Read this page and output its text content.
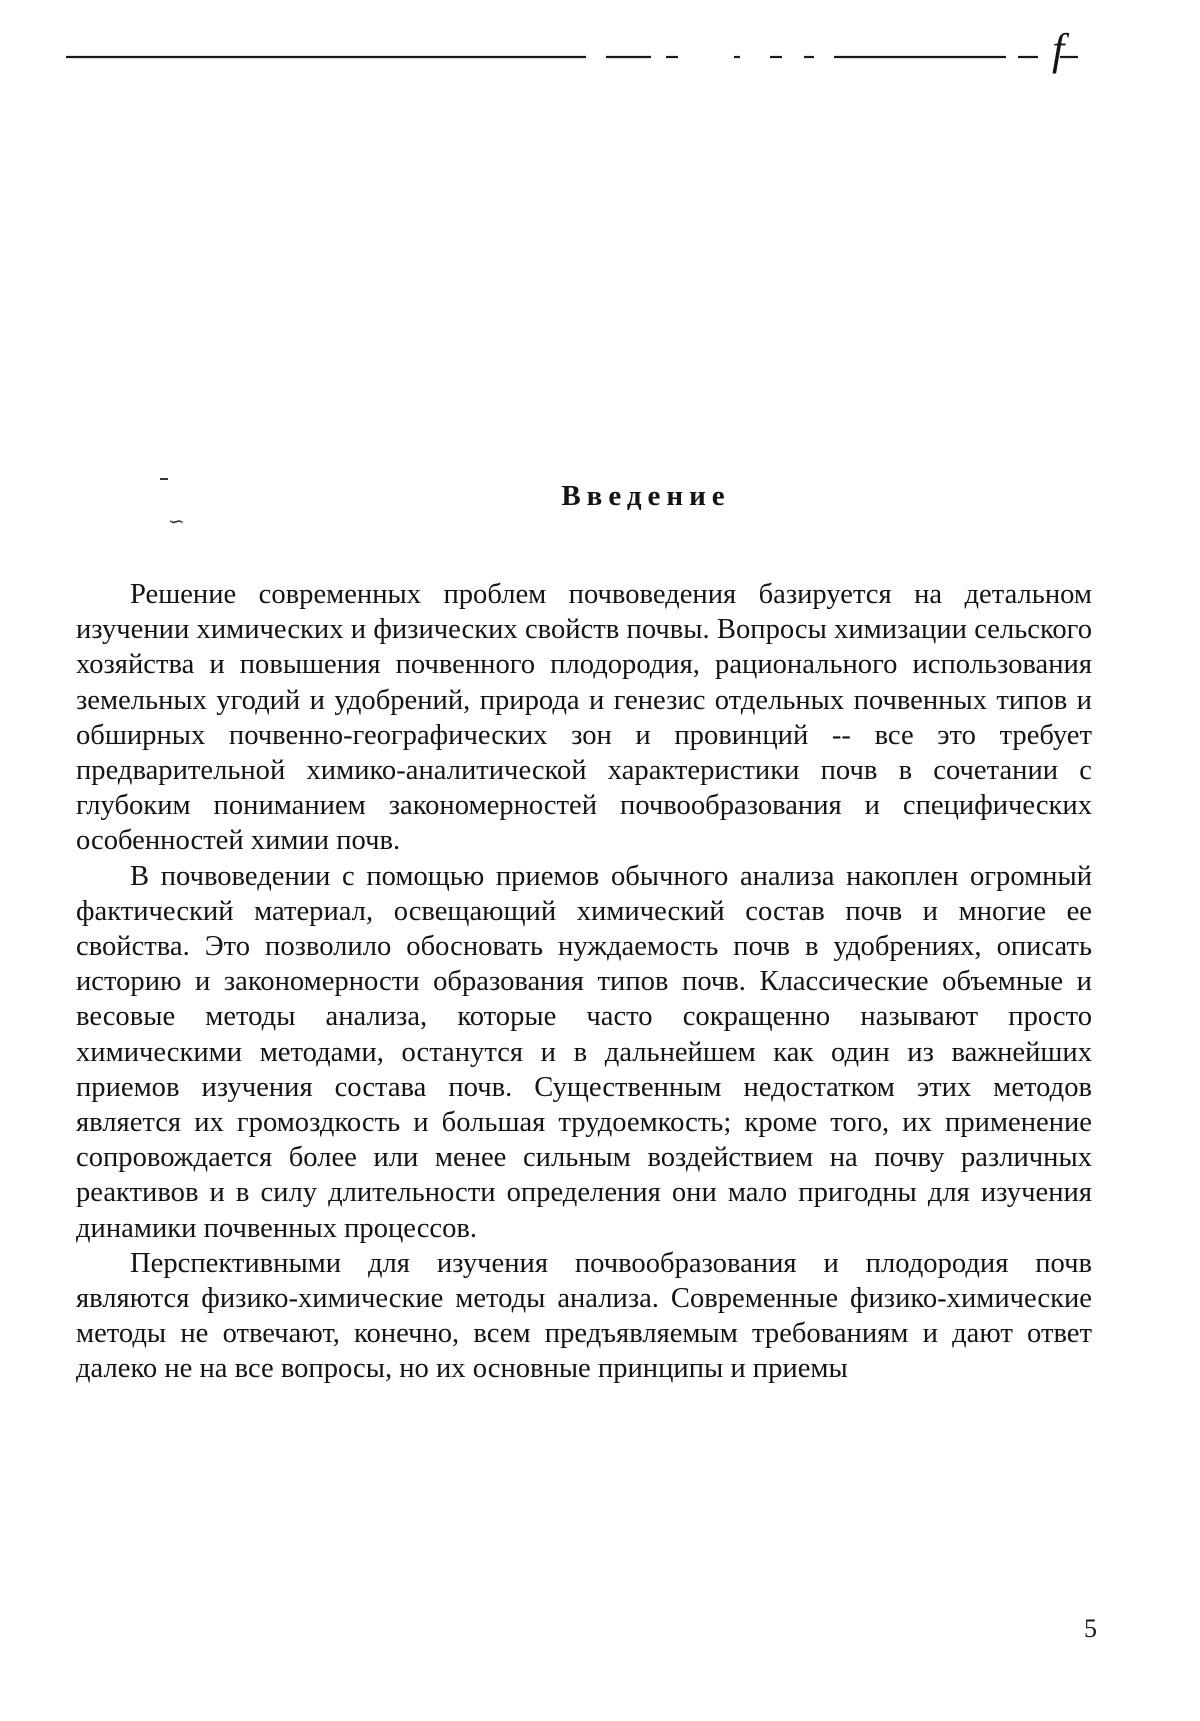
f
∽
Введение

Решение современных проблем почвоведения базируется на детальном изучении химических и физических свойств почвы. Вопросы химизации сельского хозяйства и повышения почвенного плодородия, рационального использования земельных угодий и удобрений, природа и генезис отдельных почвенных типов и обширных почвенно-географических зон и провинций -- все это требует предварительной химико-аналитической характеристики почв в сочетании с глубоким пониманием закономерностей почвообразования и специфических особенностей химии почв.

В почвоведении с помощью приемов обычного анализа накоплен огромный фактический материал, освещающий химический состав почв и многие ее свойства. Это позволило обосновать нуждаемость почв в удобрениях, описать историю и закономерности образования типов почв. Классические объемные и весовые методы анализа, которые часто сокращенно называют просто химическими методами, останутся и в дальнейшем как один из важнейших приемов изучения состава почв. Существенным недостатком этих методов является их громоздкость и большая трудоемкость; кроме того, их применение сопровождается более или менее сильным воздействием на почву различных реактивов и в силу длительности определения они мало пригодны для изучения динамики почвенных процессов.

Перспективными для изучения почвообразования и плодородия почв являются физико-химические методы анализа. Современные физико-химические методы не отвечают, конечно, всем предъявляемым требованиям и дают ответ далеко не на все вопросы, но их основные принципы и приемы

5
